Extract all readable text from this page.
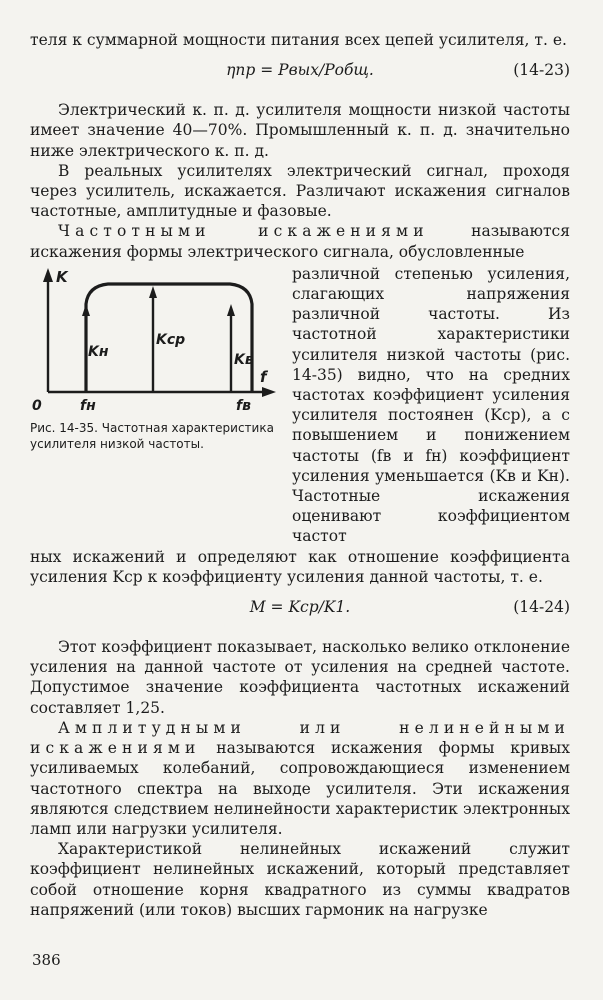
теля к суммарной мощности питания всех цепей усилителя, т. е.

ηпр = Pвых/Pобщ.	(14-23)

Электрический к. п. д. усилителя мощности низкой частоты имеет значение 40—70%. Промышленный к. п. д. значительно ниже электрического к. п. д.

В реальных усилителях электрический сигнал, проходя через усилитель, искажается. Различают искажения сигналов частотные, амплитудные и фазовые.

Частотными искажениями называются искажения формы электрического сигнала, обусловленные

K
f
0
Kн
Kср
Kв
fн	fв
Рис. 14-35. Частотная характеристика усилителя низкой частоты.

различной степенью усиления, слагающих напряжения различной частоты. Из частотной характеристики усилителя низкой частоты (рис. 14-35) видно, что на средних частотах коэффициент усиления усилителя постоянен (Kср), а с повышением и понижением частоты (fв и fн) коэффициент усиления уменьшается (Kв и Kн). Частотные искажения оценивают коэффициентом частот

ных искажений и определяют как отношение коэффициента усиления Kср к коэффициенту усиления данной частоты, т. е.

M = Kср/K1.	(14-24)

Этот коэффициент показывает, насколько велико отклонение усиления на данной частоте от усиления на средней частоте. Допустимое значение коэффициента частотных искажений составляет 1,25.

Амплитудными или нелинейными искажениями называются искажения формы кривых усиливаемых колебаний, сопровождающиеся изменением частотного спектра на выходе усилителя. Эти искажения являются следствием нелинейности характеристик электронных ламп или нагрузки усилителя.

Характеристикой нелинейных искажений служит коэффициент нелинейных искажений, который представляет собой отношение корня квадратного из суммы квадратов напряжений (или токов) высших гармоник на нагрузке

386
